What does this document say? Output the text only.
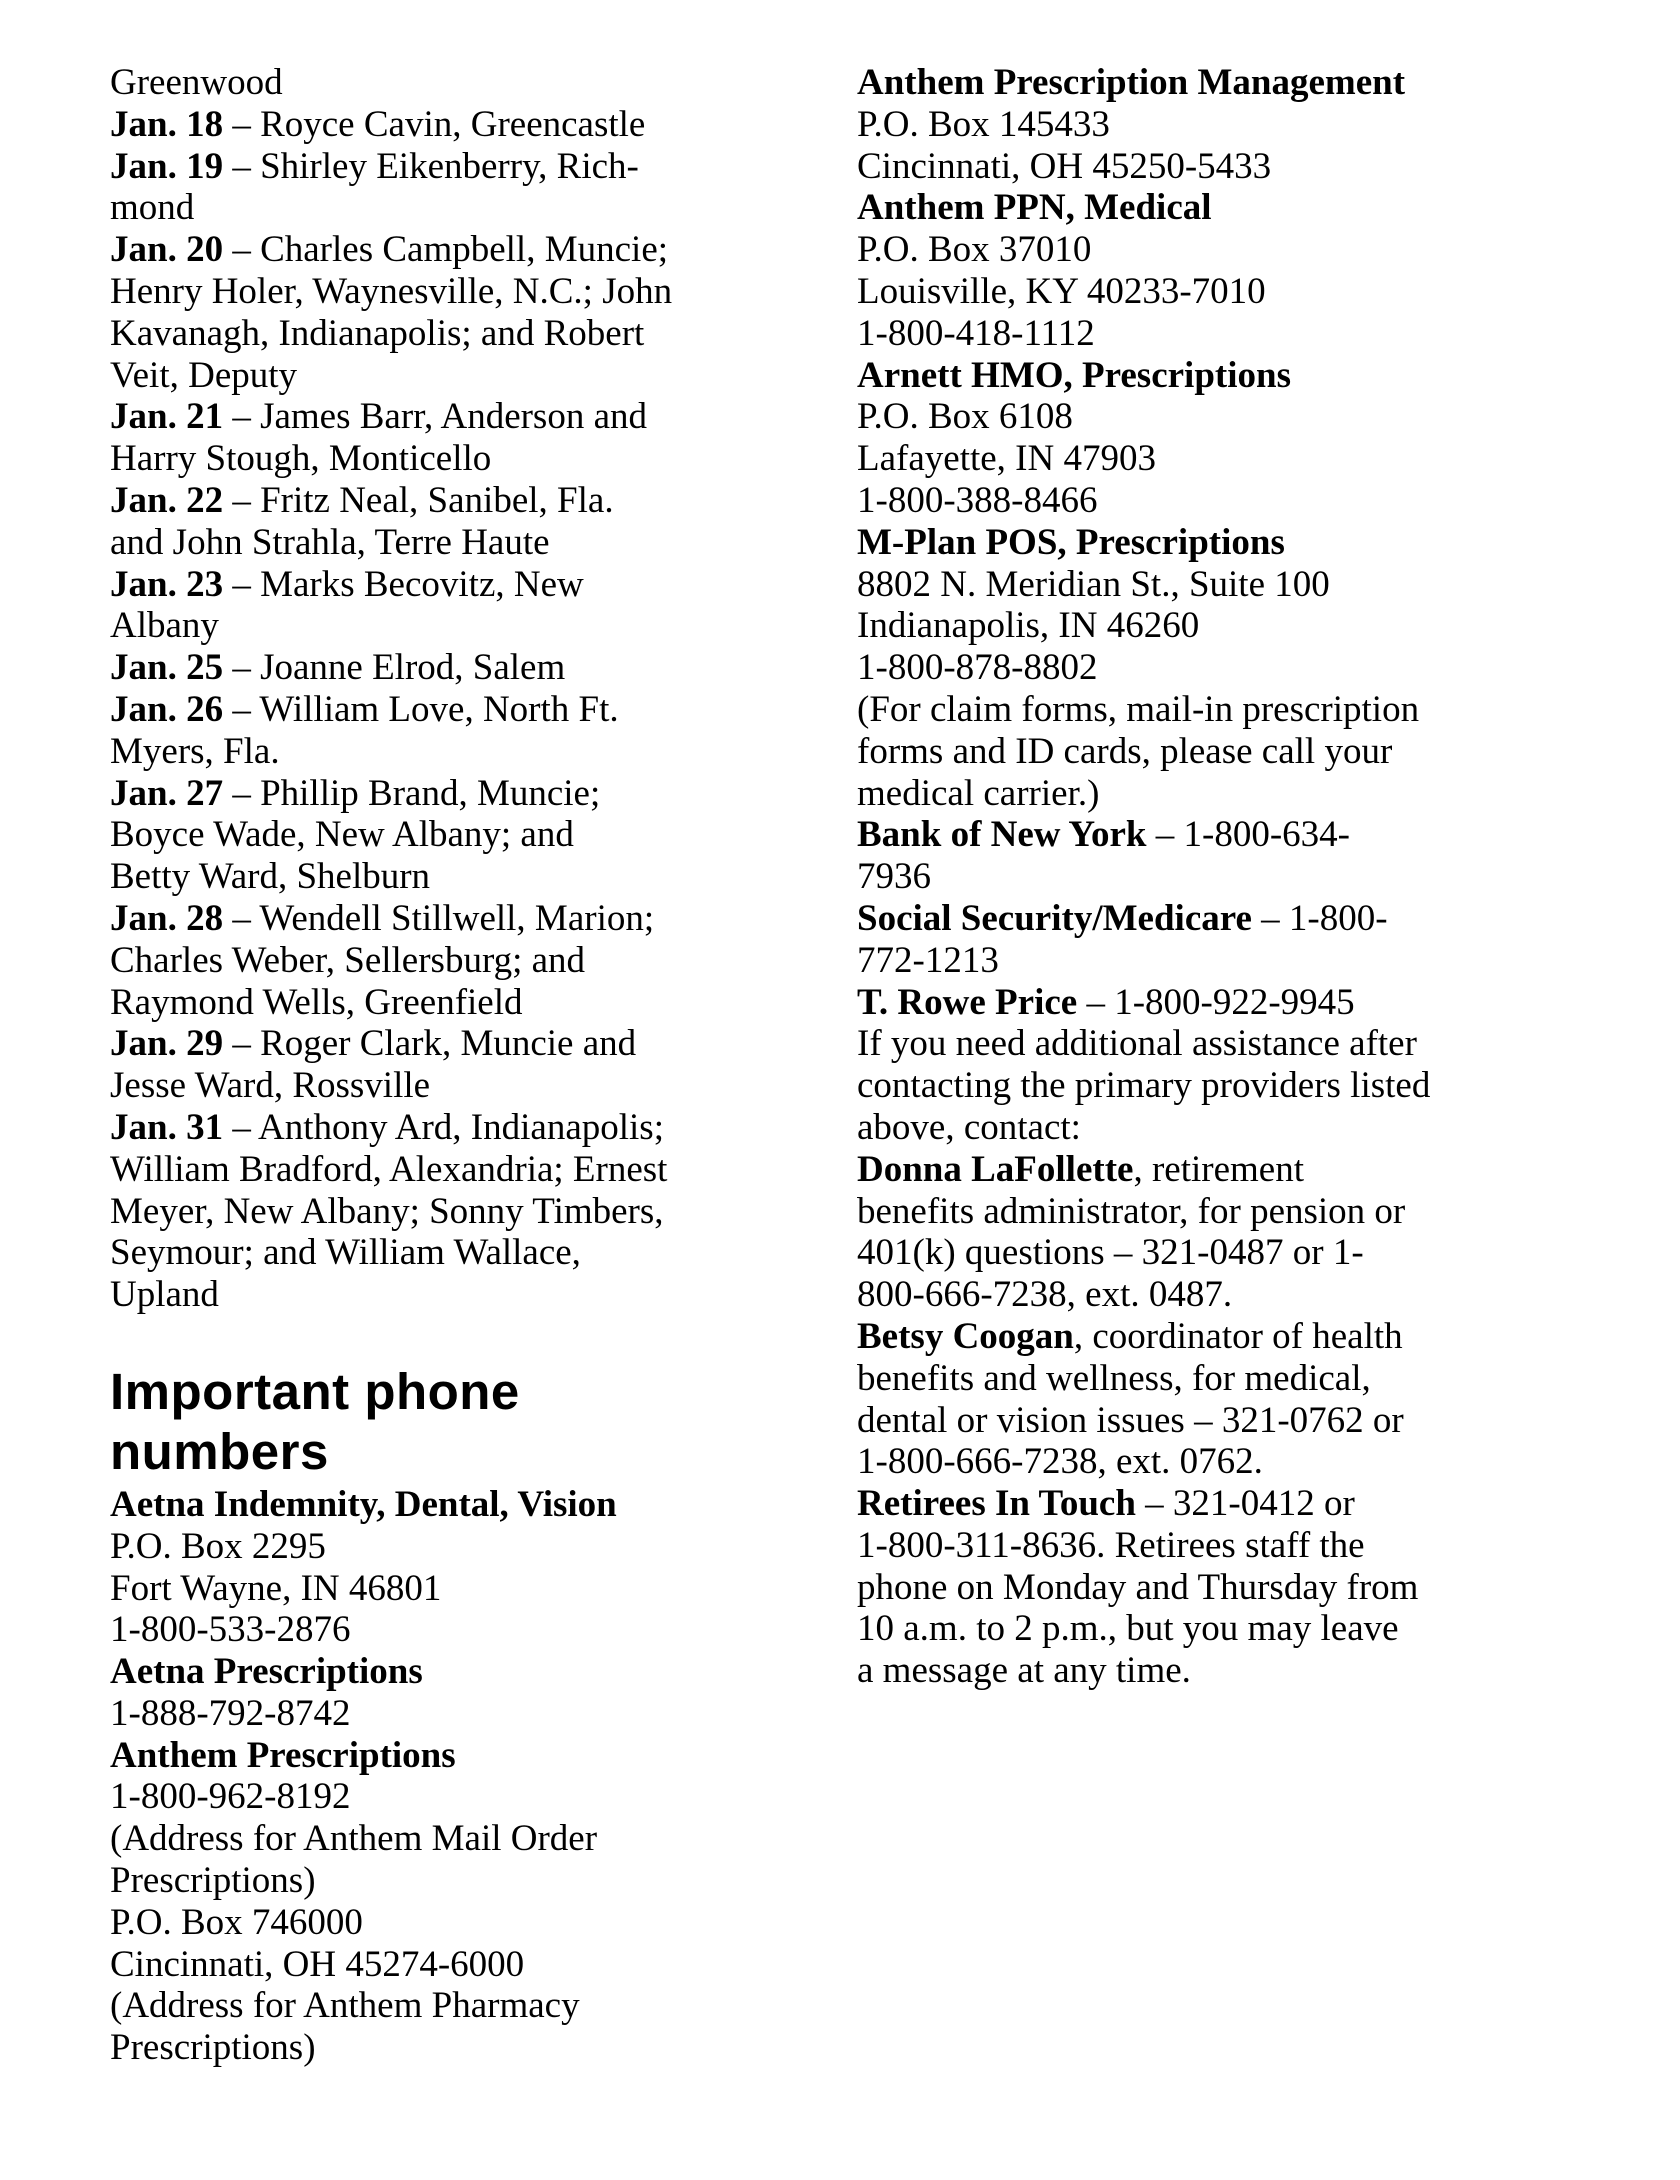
Greenwood
Jan. 18 – Royce Cavin, Greencastle
Jan. 19 – Shirley Eikenberry, Rich-
mond
Jan. 20 – Charles Campbell, Muncie;
Henry Holer, Waynesville, N.C.; John
Kavanagh, Indianapolis; and Robert
Veit, Deputy
Jan. 21 – James Barr, Anderson and
Harry Stough, Monticello
Jan. 22 – Fritz Neal, Sanibel, Fla.
and John Strahla, Terre Haute
Jan. 23 – Marks Becovitz, New
Albany
Jan. 25 – Joanne Elrod, Salem
Jan. 26 – William Love, North Ft.
Myers, Fla.
Jan. 27 – Phillip Brand, Muncie;
Boyce Wade, New Albany; and
Betty Ward, Shelburn
Jan. 28 – Wendell Stillwell, Marion;
Charles Weber, Sellersburg; and
Raymond Wells, Greenfield
Jan. 29 – Roger Clark, Muncie and
Jesse Ward, Rossville
Jan. 31 – Anthony Ard, Indianapolis;
William Bradford, Alexandria; Ernest
Meyer, New Albany; Sonny Timbers,
Seymour; and William Wallace,
Upland
Important phone
numbers
Aetna Indemnity, Dental, Vision
P.O. Box 2295
Fort Wayne, IN 46801
1-800-533-2876
Aetna Prescriptions
1-888-792-8742
Anthem Prescriptions
1-800-962-8192
(Address for Anthem Mail Order
Prescriptions)
P.O. Box 746000
Cincinnati, OH 45274-6000
(Address for Anthem Pharmacy
Prescriptions)
Anthem Prescription Management
P.O. Box 145433
Cincinnati, OH 45250-5433
Anthem PPN, Medical
P.O. Box 37010
Louisville, KY 40233-7010
1-800-418-1112
Arnett HMO, Prescriptions
P.O. Box 6108
Lafayette, IN 47903
1-800-388-8466
M-Plan POS, Prescriptions
8802 N. Meridian St., Suite 100
Indianapolis, IN 46260
1-800-878-8802
(For claim forms, mail-in prescription
forms and ID cards, please call your
medical carrier.)
Bank of New York – 1-800-634-
7936
Social Security/Medicare – 1-800-
772-1213
T. Rowe Price – 1-800-922-9945
If you need additional assistance after
contacting the primary providers listed
above, contact:
Donna LaFollette, retirement
benefits administrator, for pension or
401(k) questions – 321-0487 or 1-
800-666-7238, ext. 0487.
Betsy Coogan, coordinator of health
benefits and wellness, for medical,
dental or vision issues – 321-0762 or
1-800-666-7238, ext. 0762.
Retirees In Touch – 321-0412 or
1-800-311-8636. Retirees staff the
phone on Monday and Thursday from
10 a.m. to 2 p.m., but you may leave
a message at any time.
